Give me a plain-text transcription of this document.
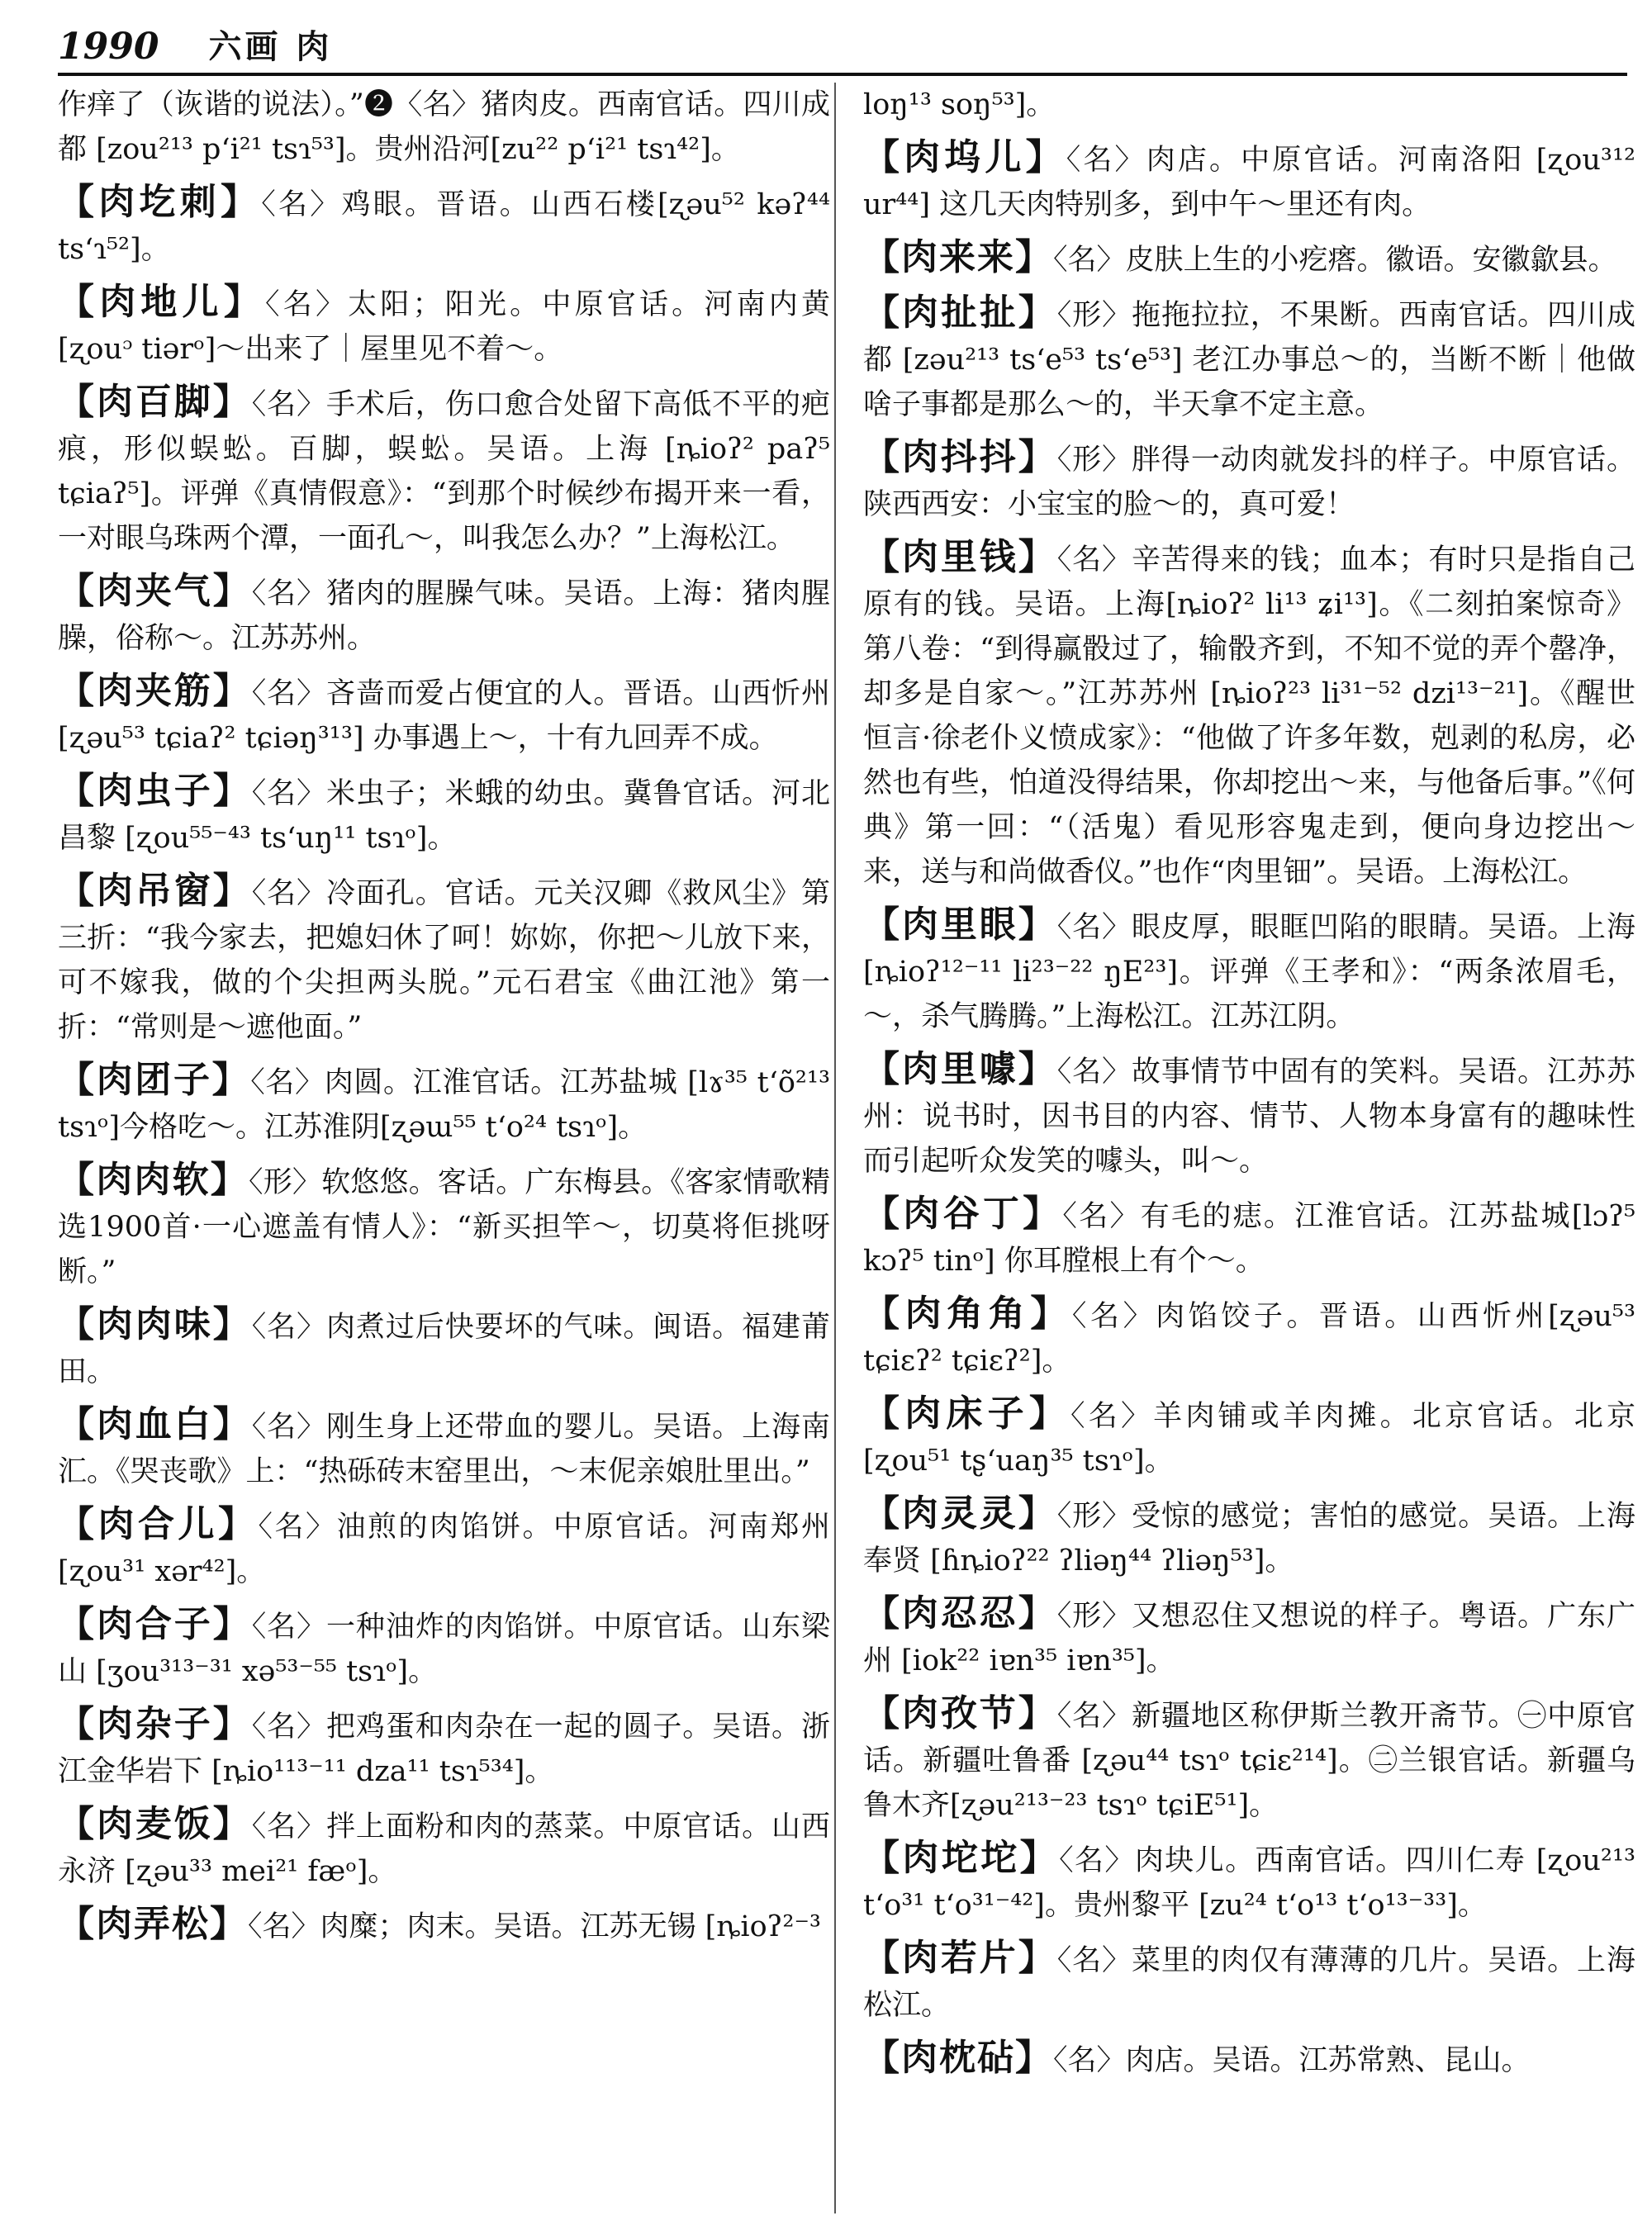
1990 六画 肉

作痒了（诙谐的说法）。”❷〈名〉猪肉皮。西南官话。四川成都 [zou²¹³ p‘i²¹ tsɿ⁵³]。贵州沿河[zu²² p‘i²¹ tsɿ⁴²]。

【肉圪刺】〈名〉鸡眼。晋语。山西石楼[ʐəu⁵² kəʔ⁴⁴ ts‘ɿ⁵²]。

【肉地儿】〈名〉太阳；阳光。中原官话。河南内黄 [ʐouᵓ tiərᵒ]～出来了｜屋里见不着～。

【肉百脚】〈名〉手术后，伤口愈合处留下高低不平的疤痕，形似蜈蚣。百脚，蜈蚣。吴语。上海 [ȵioʔ² paʔ⁵ tɕiaʔ⁵]。评弹《真情假意》：“到那个时候纱布揭开来一看，一对眼乌珠两个潭，一面孔～，叫我怎么办？”上海松江。

【肉夹气】〈名〉猪肉的腥臊气味。吴语。上海：猪肉腥臊，俗称～。江苏苏州。

【肉夹筋】〈名〉吝啬而爱占便宜的人。晋语。山西忻州[ʐəu⁵³ tɕiaʔ² tɕiəŋ³¹³] 办事遇上～，十有九回弄不成。

【肉虫子】〈名〉米虫子；米蛾的幼虫。冀鲁官话。河北昌黎 [ʐou⁵⁵⁻⁴³ ts‘uŋ¹¹ tsɿᵒ]。

【肉吊窗】〈名〉冷面孔。官话。元关汉卿《救风尘》第三折：“我今家去，把媳妇休了呵！妳妳，你把～儿放下来，可不嫁我，做的个尖担两头脱。”元石君宝《曲江池》第一折：“常则是～遮他面。”

【肉团子】〈名〉肉圆。江淮官话。江苏盐城 [lɤ³⁵ t‘õ²¹³ tsɿᵒ]今格吃～。江苏淮阴[ʐəɯ⁵⁵ t‘o²⁴ tsɿᵒ]。

【肉肉软】〈形〉软悠悠。客话。广东梅县。《客家情歌精选1900首·一心遮盖有情人》：“新买担竿～，切莫将佢挑呀断。”

【肉肉味】〈名〉肉煮过后快要坏的气味。闽语。福建莆田。

【肉血白】〈名〉刚生身上还带血的婴儿。吴语。上海南汇。《哭丧歌》上：“热砾砖末窑里出，～末伲亲娘肚里出。”

【肉合儿】〈名〉油煎的肉馅饼。中原官话。河南郑州 [ʐou³¹ xər⁴²]。

【肉合子】〈名〉一种油炸的肉馅饼。中原官话。山东梁山 [ʒou³¹³⁻³¹ xə⁵³⁻⁵⁵ tsɿᵒ]。

【肉杂子】〈名〉把鸡蛋和肉杂在一起的圆子。吴语。浙江金华岩下 [ȵio¹¹³⁻¹¹ dza¹¹ tsɿ⁵³⁴]。

【肉麦饭】〈名〉拌上面粉和肉的蒸菜。中原官话。山西永济 [ʐəu³³ mei²¹ fæᵒ]。

【肉弄松】〈名〉肉糜；肉末。吴语。江苏无锡 [ȵioʔ²⁻³

loŋ¹³ soŋ⁵³]。

【肉坞儿】〈名〉肉店。中原官话。河南洛阳 [ʐou³¹² ur⁴⁴] 这几天肉特别多，到中午～里还有肉。

【肉来来】〈名〉皮肤上生的小疙瘩。徽语。安徽歙县。

【肉扯扯】〈形〉拖拖拉拉，不果断。西南官话。四川成都 [zəu²¹³ ts‘e⁵³ ts‘e⁵³] 老江办事总～的，当断不断｜他做啥子事都是那么～的，半天拿不定主意。

【肉抖抖】〈形〉胖得一动肉就发抖的样子。中原官话。陕西西安：小宝宝的脸～的，真可爱！

【肉里钱】〈名〉辛苦得来的钱；血本；有时只是指自己原有的钱。吴语。上海[ȵioʔ² li¹³ ʑi¹³]。《二刻拍案惊奇》第八卷：“到得赢骰过了，输骰齐到，不知不觉的弄个罄净，却多是自家～。”江苏苏州 [ȵioʔ²³ li³¹⁻⁵² dzi¹³⁻²¹]。《醒世恒言·徐老仆义愤成家》：“他做了许多年数，剋剥的私房，必然也有些，怕道没得结果，你却挖出～来，与他备后事。”《何典》第一回：“（活鬼）看见形容鬼走到，便向身边挖出～来，送与和尚做香仪。”也作“肉里钿”。吴语。上海松江。

【肉里眼】〈名〉眼皮厚，眼眶凹陷的眼睛。吴语。上海[ȵioʔ¹²⁻¹¹ li²³⁻²² ŋE²³]。评弹《王孝和》：“两条浓眉毛，～，杀气腾腾。”上海松江。江苏江阴。

【肉里噱】〈名〉故事情节中固有的笑料。吴语。江苏苏州：说书时，因书目的内容、情节、人物本身富有的趣味性而引起听众发笑的噱头，叫～。

【肉谷丁】〈名〉有毛的痣。江淮官话。江苏盐城[lɔʔ⁵ kɔʔ⁵ tinᵒ] 你耳膛根上有个～。

【肉角角】〈名〉肉馅饺子。晋语。山西忻州[ʐəu⁵³ tɕiɛʔ² tɕiɛʔ²]。

【肉床子】〈名〉羊肉铺或羊肉摊。北京官话。北京 [ʐou⁵¹ tʂ‘uaŋ³⁵ tsɿᵒ]。

【肉灵灵】〈形〉受惊的感觉；害怕的感觉。吴语。上海奉贤 [ɦȵioʔ²² ʔliəŋ⁴⁴ ʔliəŋ⁵³]。

【肉忍忍】〈形〉又想忍住又想说的样子。粤语。广东广州 [iok²² iɐn³⁵ iɐn³⁵]。

【肉孜节】〈名〉新疆地区称伊斯兰教开斋节。㊀中原官话。新疆吐鲁番 [ʐəu⁴⁴ tsɿᵒ tɕiɛ²¹⁴]。㊁兰银官话。新疆乌鲁木齐[ʐəu²¹³⁻²³ tsɿᵒ tɕiE⁵¹]。

【肉坨坨】〈名〉肉块儿。西南官话。四川仁寿 [ʐou²¹³ t‘o³¹ t‘o³¹⁻⁴²]。贵州黎平 [zu²⁴ t‘o¹³ t‘o¹³⁻³³]。

【肉若片】〈名〉菜里的肉仅有薄薄的几片。吴语。上海松江。

【肉枕砧】〈名〉肉店。吴语。江苏常熟、昆山。
